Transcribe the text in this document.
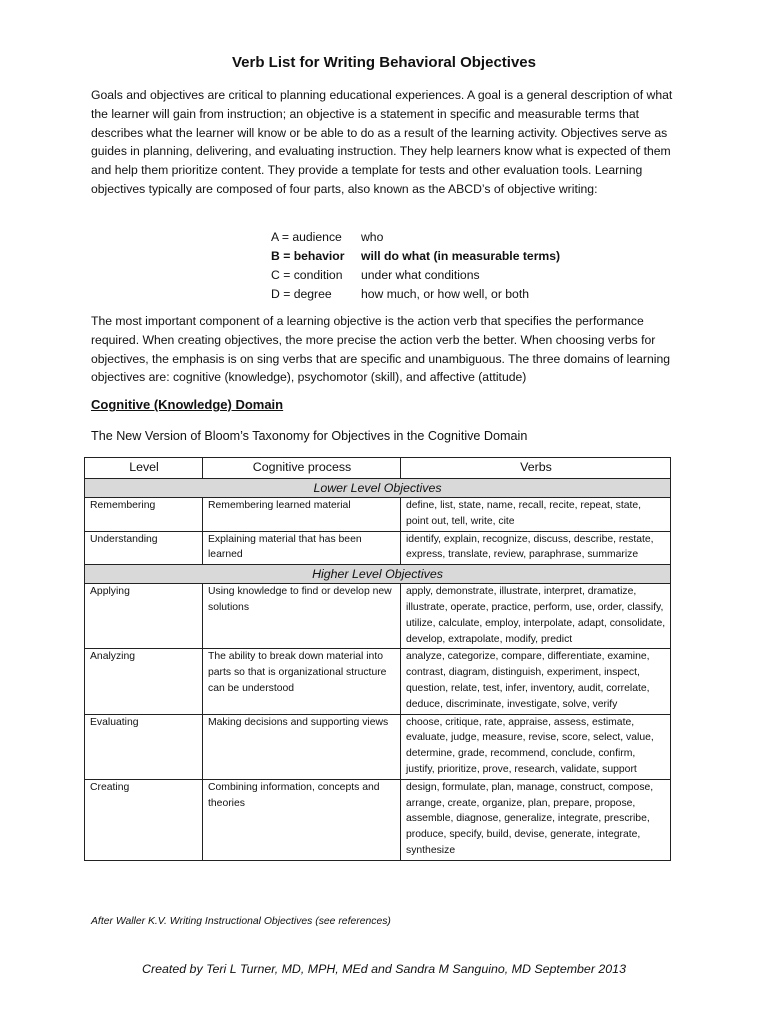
Verb List for Writing Behavioral Objectives

Goals and objectives are critical to planning educational experiences. A goal is a general description of what the learner will gain from instruction; an objective is a statement in specific and measurable terms that describes what the learner will know or be able to do as a result of the learning activity. Objectives serve as guides in planning, delivering, and evaluating instruction. They help learners know what is expected of them and help them prioritize content. They provide a template for tests and other evaluation tools. Learning objectives typically are composed of four parts, also known as the ABCD’s of objective writing:

A = audience	who
B = behavior	will do what (in measurable terms)
C = condition	under what conditions
D = degree	how much, or how well, or both

The most important component of a learning objective is the action verb that specifies the performance required. When creating objectives, the more precise the action verb the better. When choosing verbs for objectives, the emphasis is on sing verbs that are specific and unambiguous. The three domains of learning objectives are: cognitive (knowledge), psychomotor (skill), and affective (attitude)

Cognitive (Knowledge) Domain
The New Version of Bloom’s Taxonomy for Objectives in the Cognitive Domain
Level	Cognitive process	Verbs
Lower Level Objectives		
Remembering	Remembering learned material	define, list, state, name, recall, recite, repeat, state, point out, tell, write, cite
Understanding	Explaining material that has been learned	identify, explain, recognize, discuss, describe, restate, express, translate, review, paraphrase, summarize
Higher Level Objectives		
Applying	Using knowledge to find or develop new solutions	apply, demonstrate, illustrate, interpret, dramatize, illustrate, operate, practice, perform, use, order, classify, utilize, calculate, employ, interpolate, adapt, consolidate, develop, extrapolate, modify, predict
Analyzing	The ability to break down material into parts so that is organizational structure can be understood	analyze, categorize, compare, differentiate, examine, contrast, diagram, distinguish, experiment, inspect, question, relate, test, infer, inventory, audit, correlate, deduce, discriminate, investigate, solve, verify
Evaluating	Making decisions and supporting views	choose, critique, rate, appraise, assess, estimate, evaluate, judge, measure, revise, score, select, value, determine, grade, recommend, conclude, confirm, justify, prioritize, prove, research, validate, support
Creating	Combining information, concepts and theories	design, formulate, plan, manage, construct, compose, arrange, create, organize, plan, prepare, propose, assemble, diagnose, generalize, integrate, prescribe, produce, specify, build, devise, generate, integrate, synthesize
After Waller K.V. Writing Instructional Objectives (see references)
Created by Teri L Turner, MD, MPH, MEd and Sandra M Sanguino, MD September 2013
